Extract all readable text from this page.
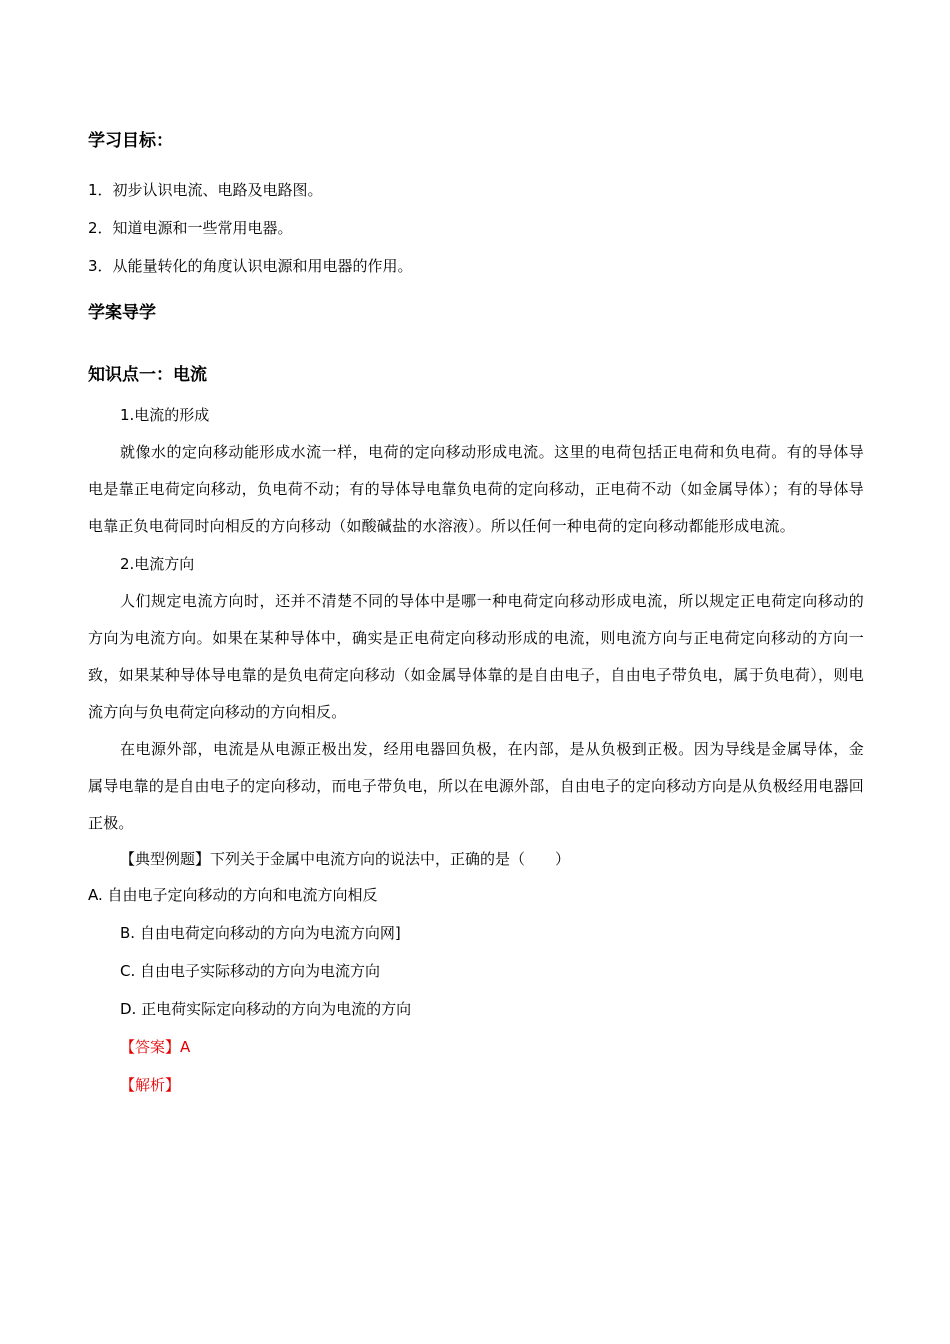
学习目标：
1．初步认识电流、电路及电路图。
2．知道电源和一些常用电器。
3．从能量转化的角度认识电源和用电器的作用。
学案导学
知识点一：电流
1.电流的形成
就像水的定向移动能形成水流一样，电荷的定向移动形成电流。这里的电荷包括正电荷和负电荷。有的导体导电是靠正电荷定向移动，负电荷不动；有的导体导电靠负电荷的定向移动，正电荷不动（如金属导体）；有的导体导电靠正负电荷同时向相反的方向移动（如酸碱盐的水溶液）。所以任何一种电荷的定向移动都能形成电流。
2.电流方向
人们规定电流方向时，还并不清楚不同的导体中是哪一种电荷定向移动形成电流，所以规定正电荷定向移动的方向为电流方向。如果在某种导体中，确实是正电荷定向移动形成的电流，则电流方向与正电荷定向移动的方向一致，如果某种导体导电靠的是负电荷定向移动（如金属导体靠的是自由电子，自由电子带负电，属于负电荷），则电流方向与负电荷定向移动的方向相反。
在电源外部，电流是从电源正极出发，经用电器回负极，在内部，是从负极到正极。因为导线是金属导体，金属导电靠的是自由电子的定向移动，而电子带负电，所以在电源外部，自由电子的定向移动方向是从负极经用电器回正极。
【典型例题】下列关于金属中电流方向的说法中，正确的是（　　）
A. 自由电子定向移动的方向和电流方向相反
B. 自由电荷定向移动的方向为电流方向网]
C. 自由电子实际移动的方向为电流方向
D. 正电荷实际定向移动的方向为电流的方向
【答案】A
【解析】
